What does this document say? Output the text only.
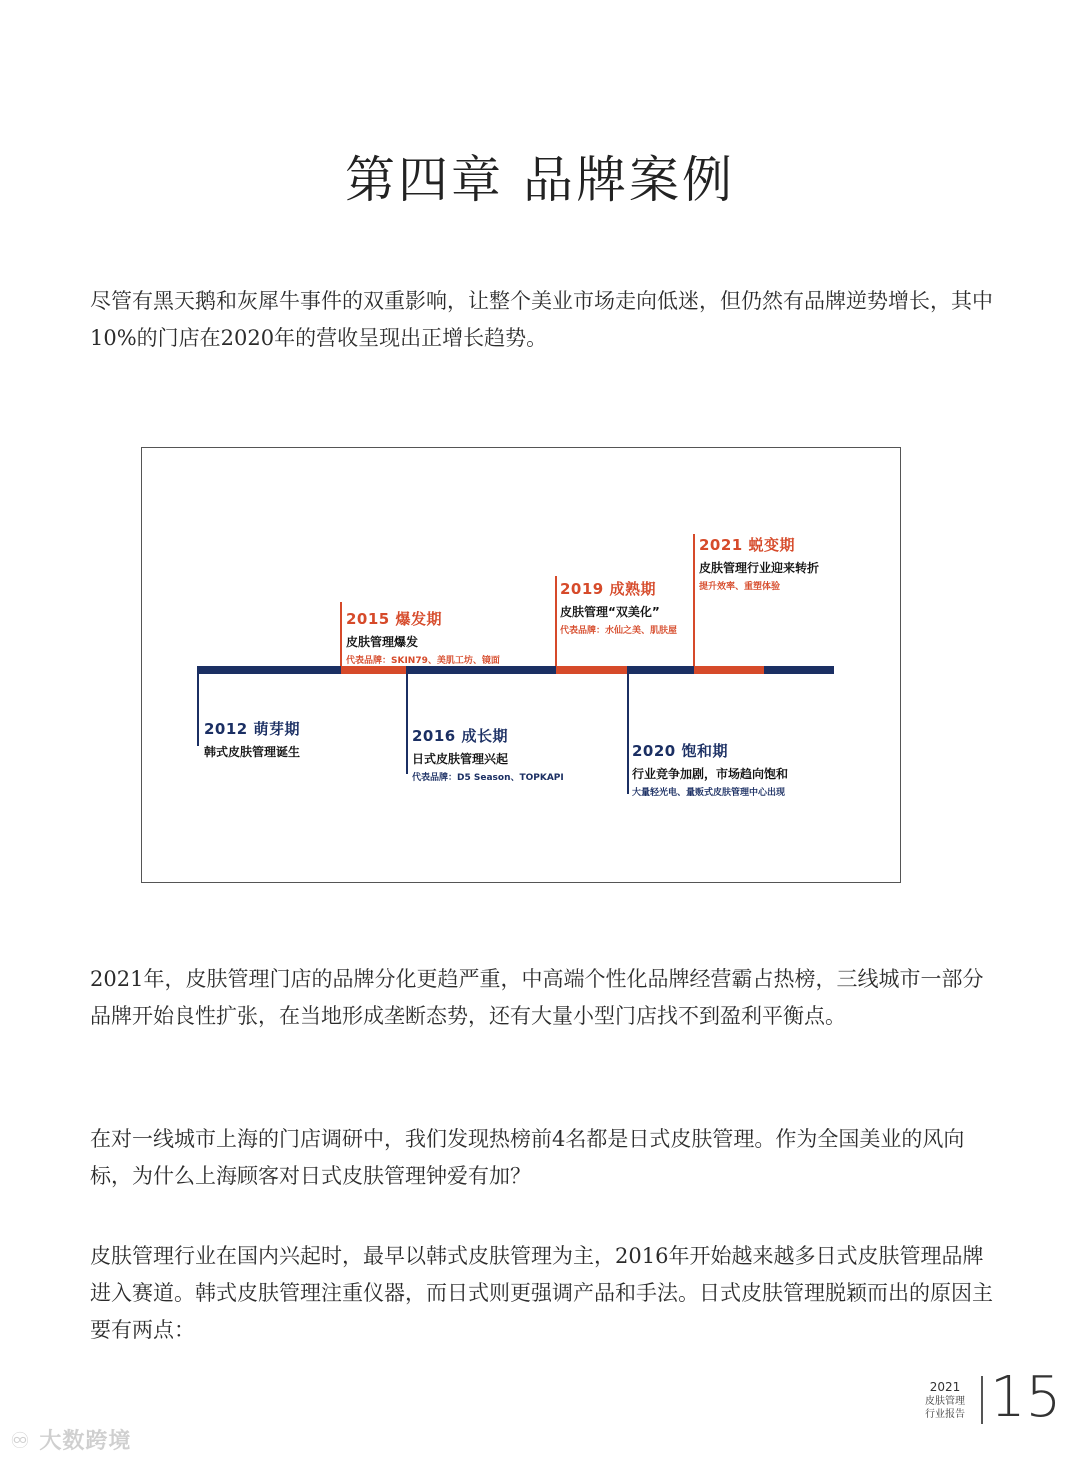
第四章 品牌案例

尽管有黑天鹅和灰犀牛事件的双重影响，让整个美业市场走向低迷，但仍然有品牌逆势增长，其中10%的门店在2020年的营收呈现出正增长趋势。

2012 萌芽期
韩式皮肤管理诞生
2015 爆发期
皮肤管理爆发
代表品牌：SKIN79、美肌工坊、镜面
2016 成长期
日式皮肤管理兴起
代表品牌：D5 Season、TOPKAPI
2019 成熟期
皮肤管理“双美化”
代表品牌：水仙之美、肌肤屋
2020 饱和期
行业竞争加剧，市场趋向饱和
大量轻光电、量贩式皮肤管理中心出现
2021 蜕变期
皮肤管理行业迎来转折
提升效率、重塑体验

2021年，皮肤管理门店的品牌分化更趋严重，中高端个性化品牌经营霸占热榜，三线城市一部分品牌开始良性扩张，在当地形成垄断态势，还有大量小型门店找不到盈利平衡点。

在对一线城市上海的门店调研中，我们发现热榜前4名都是日式皮肤管理。作为全国美业的风向标，为什么上海顾客对日式皮肤管理钟爱有加？

皮肤管理行业在国内兴起时，最早以韩式皮肤管理为主，2016年开始越来越多日式皮肤管理品牌进入赛道。韩式皮肤管理注重仪器，而日式则更强调产品和手法。日式皮肤管理脱颖而出的原因主要有两点：

2021
皮肤管理
行业报告 15
♾ 大数跨境
